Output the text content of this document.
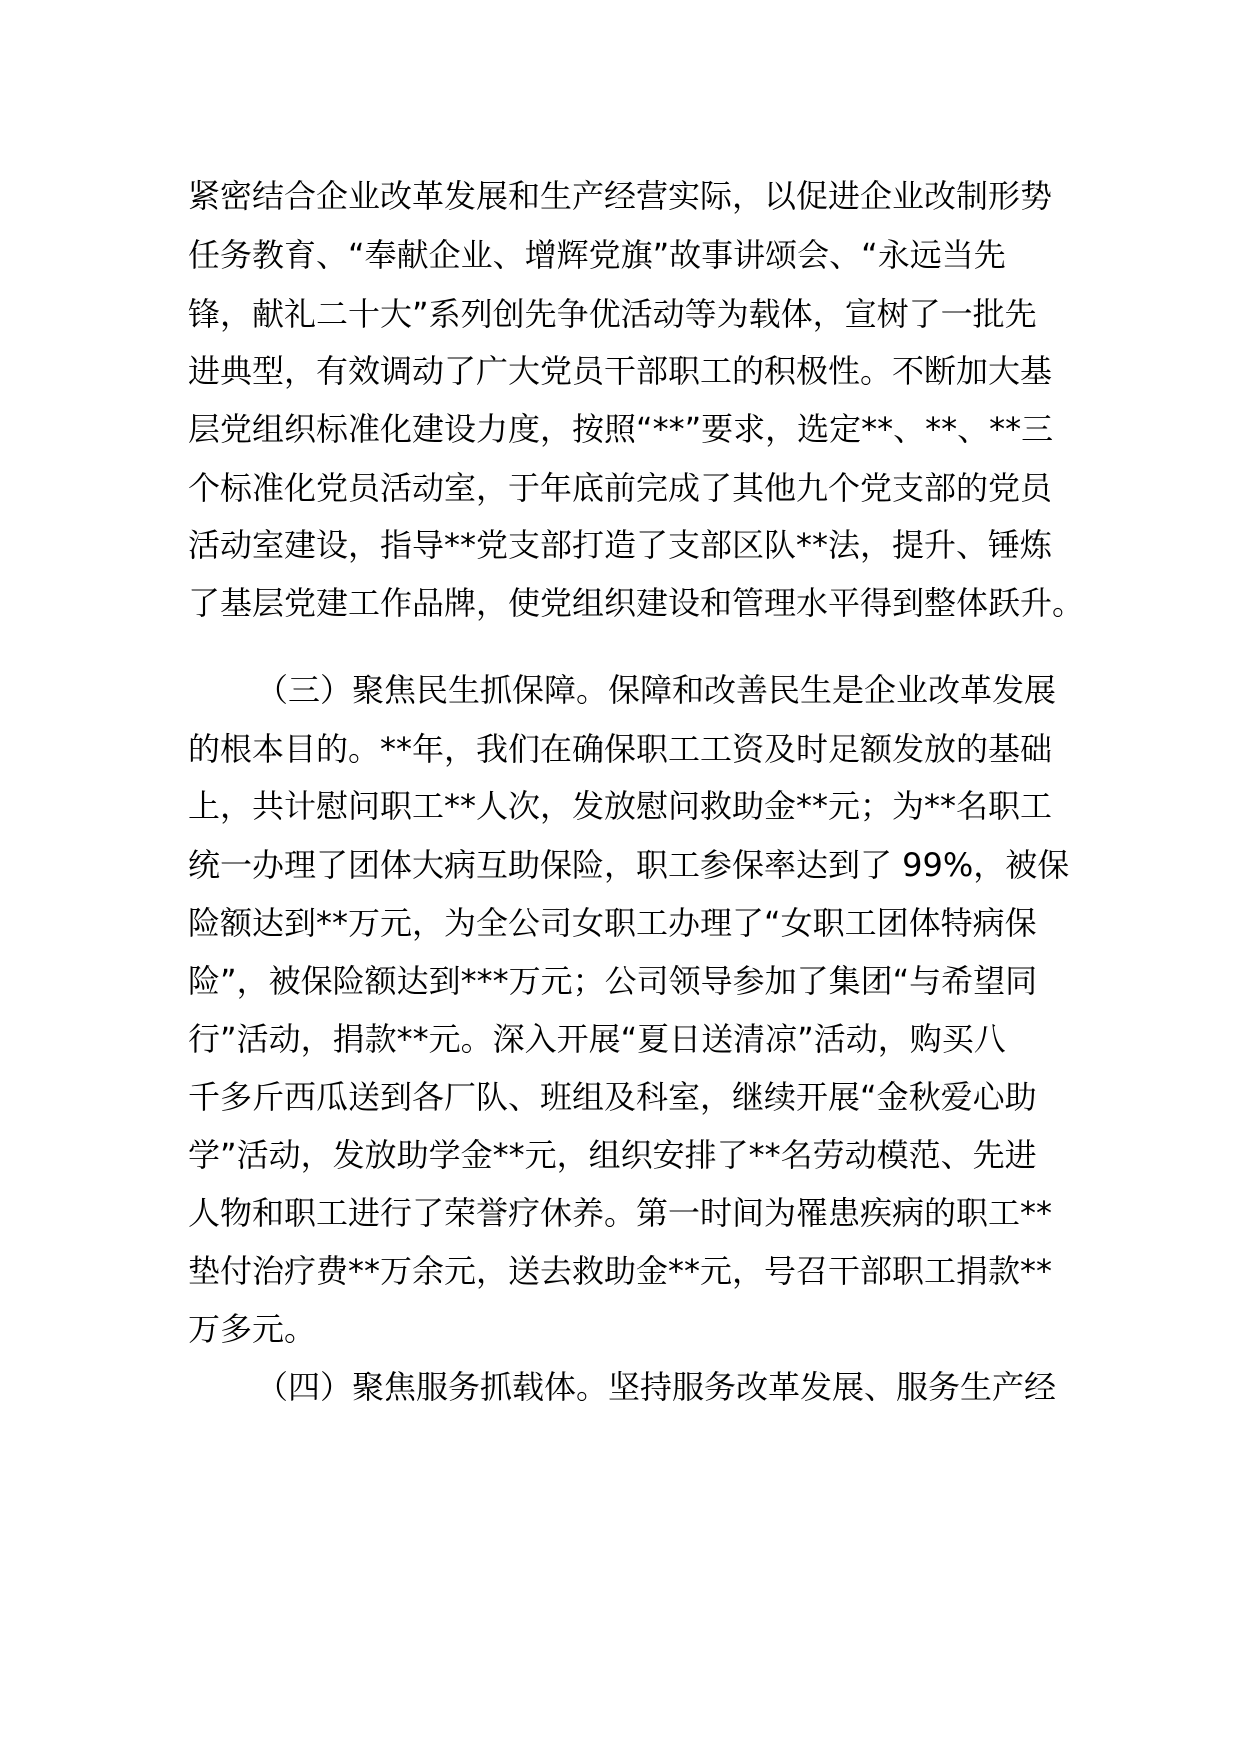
紧密结合企业改革发展和生产经营实际，以促进企业改制形势
任务教育、“奉献企业、增辉党旗”故事讲颂会、“永远当先
锋，献礼二十大”系列创先争优活动等为载体，宣树了一批先
进典型，有效调动了广大党员干部职工的积极性。不断加大基
层党组织标准化建设力度，按照“**”要求，选定**、**、**三
个标准化党员活动室，于年底前完成了其他九个党支部的党员
活动室建设，指导**党支部打造了支部区队**法，提升、锤炼
了基层党建工作品牌，使党组织建设和管理水平得到整体跃升。
（三）聚焦民生抓保障。保障和改善民生是企业改革发展
的根本目的。**年，我们在确保职工工资及时足额发放的基础
上，共计慰问职工**人次，发放慰问救助金**元；为**名职工
统一办理了团体大病互助保险，职工参保率达到了 99%，被保
险额达到**万元，为全公司女职工办理了“女职工团体特病保
险”，被保险额达到***万元；公司领导参加了集团“与希望同
行”活动，捐款**元。深入开展“夏日送清凉”活动，购买八
千多斤西瓜送到各厂队、班组及科室，继续开展“金秋爱心助
学”活动，发放助学金**元，组织安排了**名劳动模范、先进
人物和职工进行了荣誉疗休养。第一时间为罹患疾病的职工**
垫付治疗费**万余元，送去救助金**元，号召干部职工捐款**
万多元。
（四）聚焦服务抓载体。坚持服务改革发展、服务生产经
